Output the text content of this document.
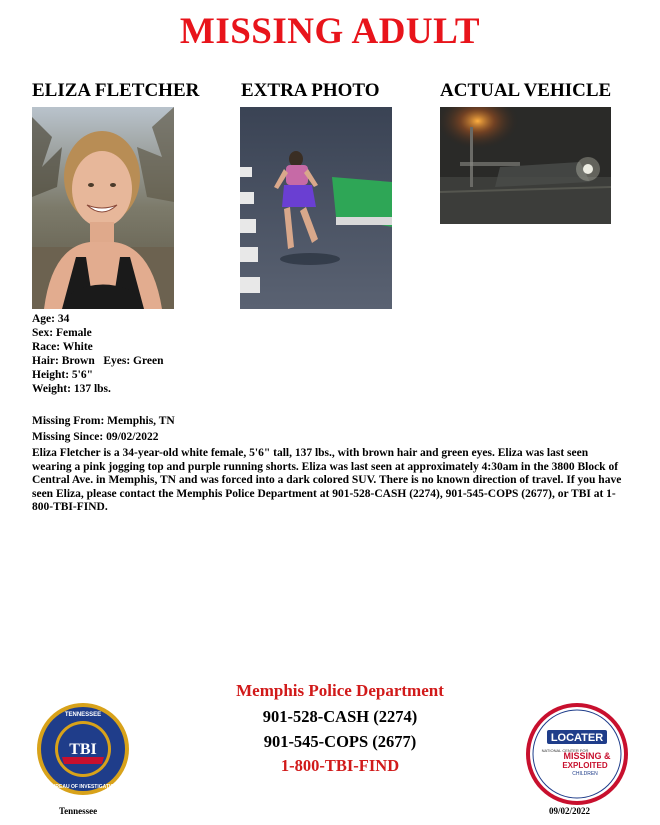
MISSING ADULT
ELIZA FLETCHER EXTRA PHOTO	ACTUAL VEHICLE
Age: 34
Sex: Female
Race: White
Hair: Brown   Eyes: Green
Height: 5'6"
Weight: 137 lbs.
Missing From: Memphis, TN
Missing Since: 09/02/2022
Eliza Fletcher is a 34-year-old white female, 5'6" tall, 137 lbs., with brown hair and green eyes. Eliza was last seen wearing a pink jogging top and purple running shorts. Eliza was last seen at approximately 4:30am in the 3800 Block of Central Ave. in Memphis, TN and was forced into a dark colored SUV. There is no known direction of travel. If you have seen Eliza, please contact the Memphis Police Department at 901-528-CASH (2274), 901-545-COPS (2677), or TBI at 1-800-TBI-FIND.
Memphis Police Department
901-528-CASH (2274)
901-545-COPS (2677)
1-800-TBI-FIND
TBI
TENNESSEE
BUREAU OF INVESTIGATION
Tennessee
LOCATER
NATIONAL CENTER FOR
MISSING &
EXPLOITED
CHILDREN
09/02/2022
